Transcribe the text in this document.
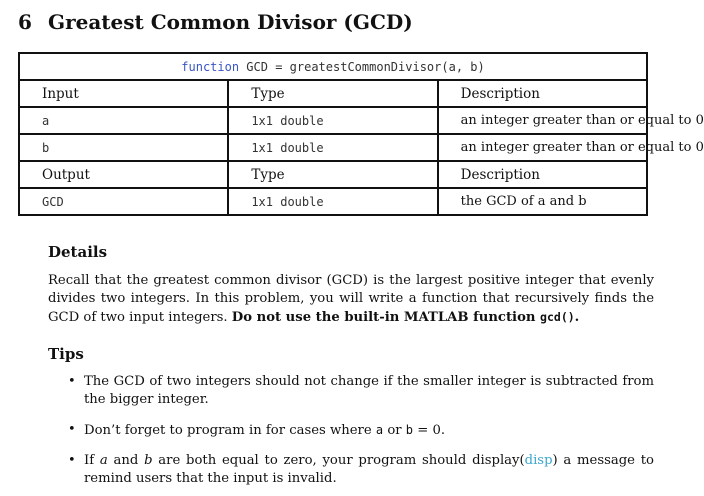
6 Greatest Common Divisor (GCD)
function GCD = greatestCommonDivisor(a, b)		
Input	Type	Description
a	1x1 double	an integer greater than or equal to 0
b	1x1 double	an integer greater than or equal to 0
Output	Type	Description
GCD	1x1 double	the GCD of a and b
Details
Recall that the greatest common divisor (GCD) is the largest positive integer that evenly divides two integers. In this problem, you will write a function that recursively finds the GCD of two input integers. Do not use the built-in MATLAB function gcd().
Tips
• The GCD of two integers should not change if the smaller integer is subtracted from the bigger integer.
• Don’t forget to program in for cases where a or b = 0.
• If a and b are both equal to zero, your program should display(disp) a message to remind users that the input is invalid.
